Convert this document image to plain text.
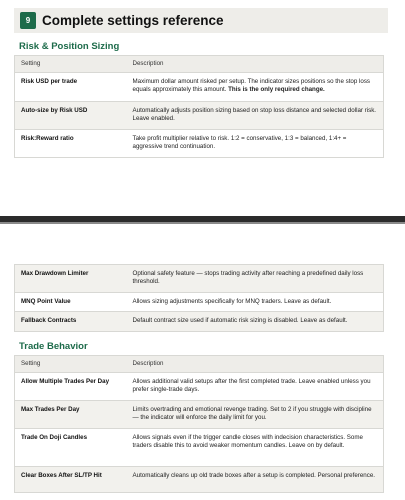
9 Complete settings reference
Risk & Position Sizing
Setting	Description
Risk USD per trade	Maximum dollar amount risked per setup. The indicator sizes positions so the stop loss equals approximately this amount. This is the only required change.
Auto-size by Risk USD	Automatically adjusts position sizing based on stop loss distance and selected dollar risk. Leave enabled.
Risk:Reward ratio	Take profit multiplier relative to risk. 1:2 = conservative, 1:3 = balanced, 1:4+ = aggressive trend continuation.
Max Drawdown Limiter	Optional safety feature — stops trading activity after reaching a predefined daily loss threshold.
MNQ Point Value	Allows sizing adjustments specifically for MNQ traders. Leave as default.
Fallback Contracts	Default contract size used if automatic risk sizing is disabled. Leave as default.
Trade Behavior
Setting	Description
Allow Multiple Trades Per Day	Allows additional valid setups after the first completed trade. Leave enabled unless you prefer single-trade days.
Max Trades Per Day	Limits overtrading and emotional revenge trading. Set to 2 if you struggle with discipline — the indicator will enforce the daily limit for you.
Trade On Doji Candles	Allows signals even if the trigger candle closes with indecision characteristics. Some traders disable this to avoid weaker momentum candles. Leave on by default.
Clear Boxes After SL/TP Hit	Automatically cleans up old trade boxes after a setup is completed. Personal preference.
